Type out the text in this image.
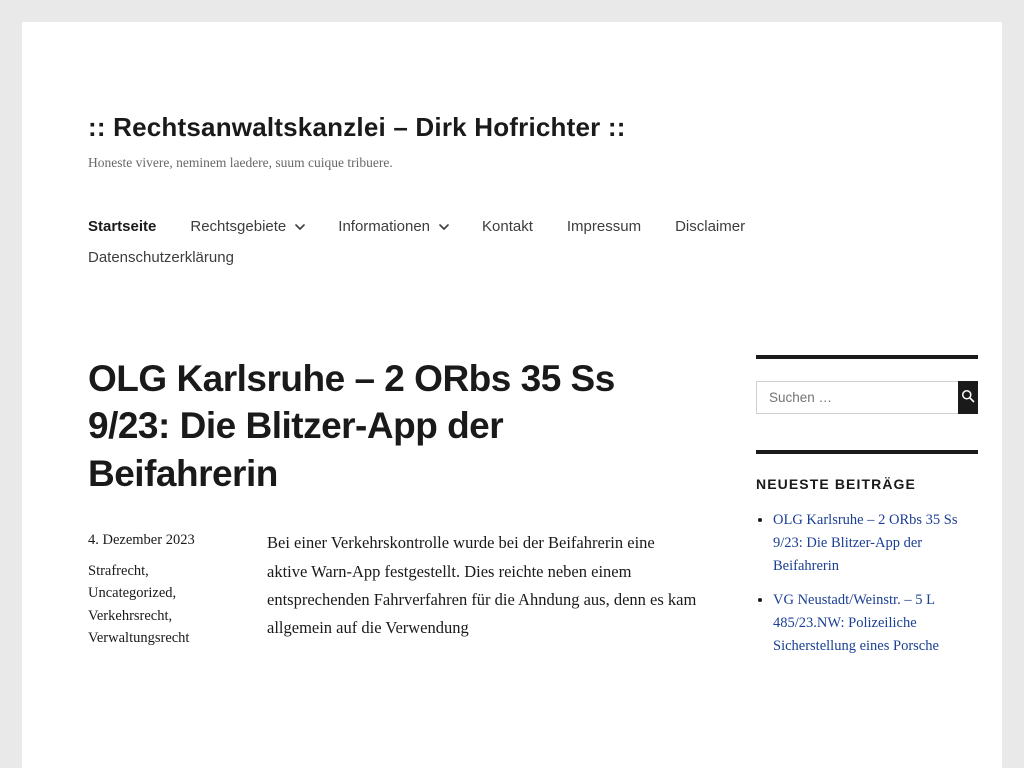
:: Rechtsanwaltskanzlei – Dirk Hofrichter ::

Honeste vivere, neminem laedere, suum cuique tribuere.

Startseite Rechtsgebiete	Informationen	Kontakt Impressum Disclaimer
Datenschutzerklärung
OLG Karlsruhe – 2 ORbs 35 Ss 9/23: Die Blitzer-App der Beifahrerin
4. Dezember 2023
Strafrecht,
Uncategorized,
Verkehrsrecht,
Verwaltungsrecht

Bei einer Verkehrskontrolle wurde bei der Beifahrerin eine aktive Warn-App festgestellt. Dies reichte neben einem entsprechenden Fahrverfahren für die Ahndung aus, denn es kam allgemein auf die Verwendung

Suchen …
NEUESTE BEITRÄGE
• OLG Karlsruhe – 2 ORbs 35 Ss 9/23: Die Blitzer-App der Beifahrerin
• VG Neustadt/Weinstr. – 5 L 485/23.NW: Polizeiliche Sicherstellung eines Porsche
